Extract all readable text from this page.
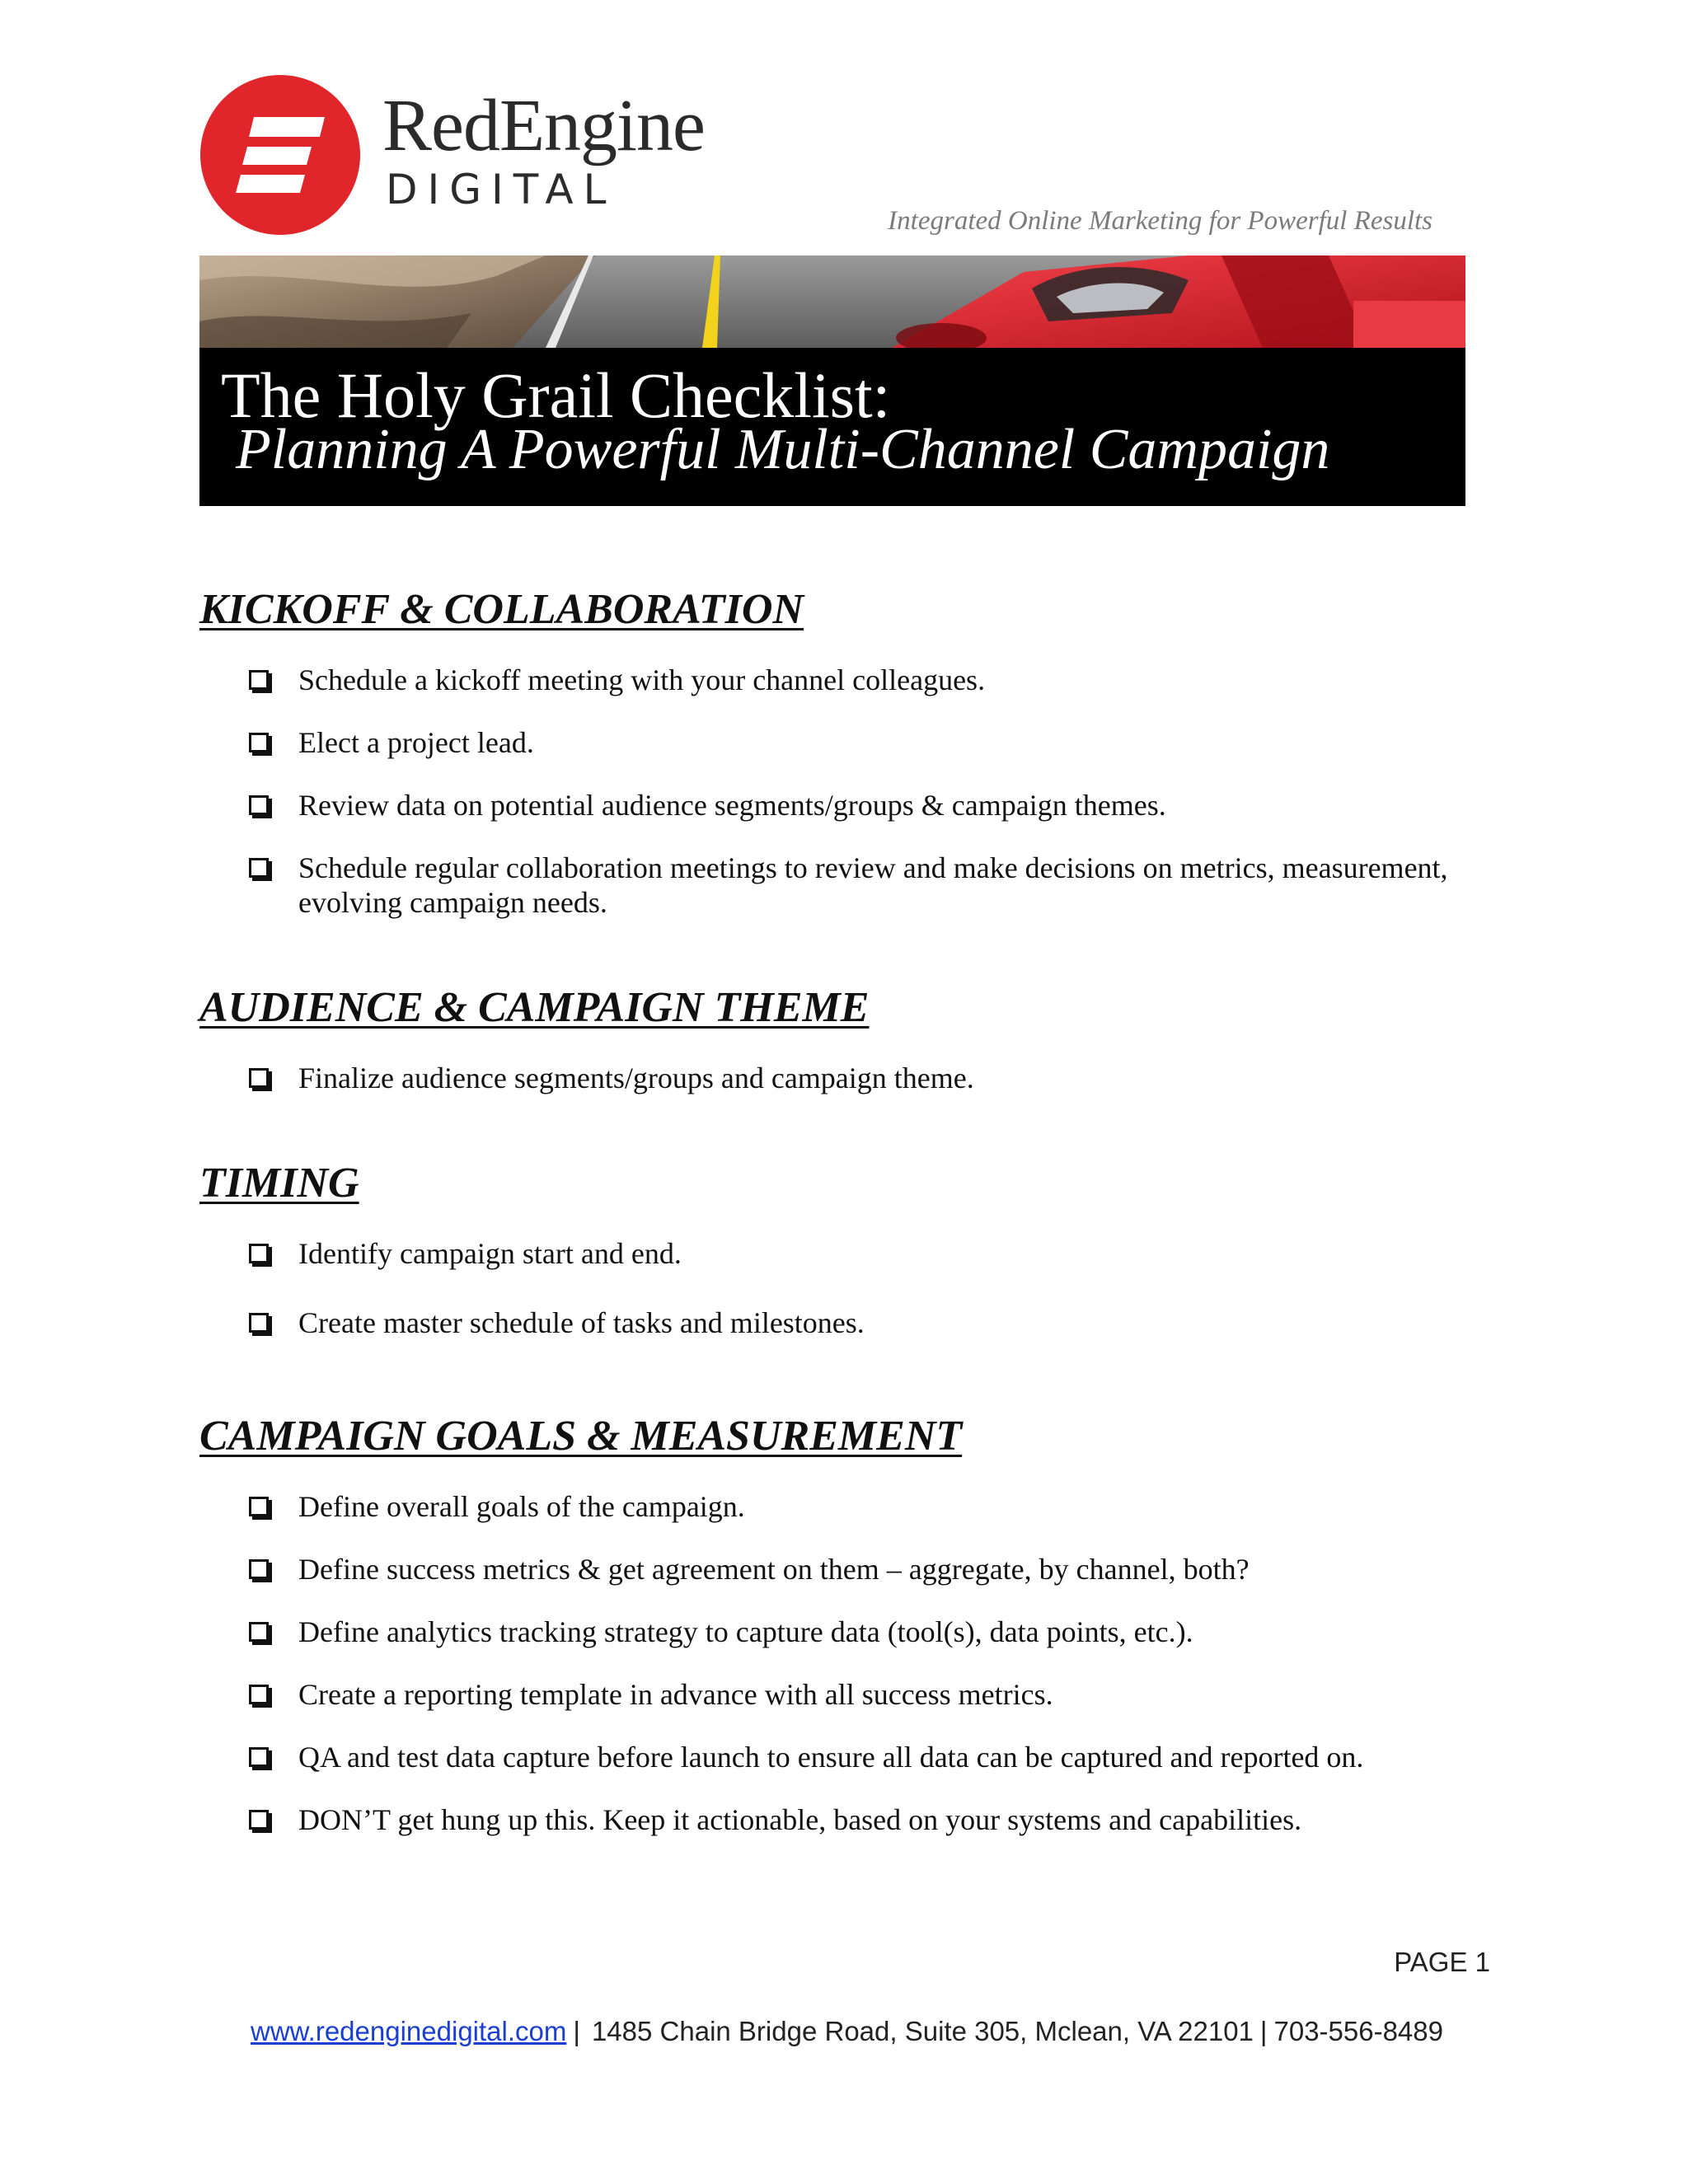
RedEngine
DIGITAL
Integrated Online Marketing for Powerful Results
The Holy Grail Checklist:
Planning A Powerful Multi-Channel Campaign
KICKOFF & COLLABORATION
Schedule a kickoff meeting with your channel colleagues.
Elect a project lead.
Review data on potential audience segments/groups & campaign themes.
Schedule regular collaboration meetings to review and make decisions on metrics, measurement, evolving campaign needs.
AUDIENCE & CAMPAIGN THEME
Finalize audience segments/groups and campaign theme.
TIMING
Identify campaign start and end.
Create master schedule of tasks and milestones.
CAMPAIGN GOALS & MEASUREMENT
Define overall goals of the campaign.
Define success metrics & get agreement on them – aggregate, by channel, both?
Define analytics tracking strategy to capture data (tool(s), data points, etc.).
Create a reporting template in advance with all success metrics.
QA and test data capture before launch to ensure all data can be captured and reported on.
DON’T get hung up this. Keep it actionable, based on your systems and capabilities.
PAGE 1
www.redenginedigital.com | 1485 Chain Bridge Road, Suite 305, Mclean, VA 22101 | 703-556-8489
